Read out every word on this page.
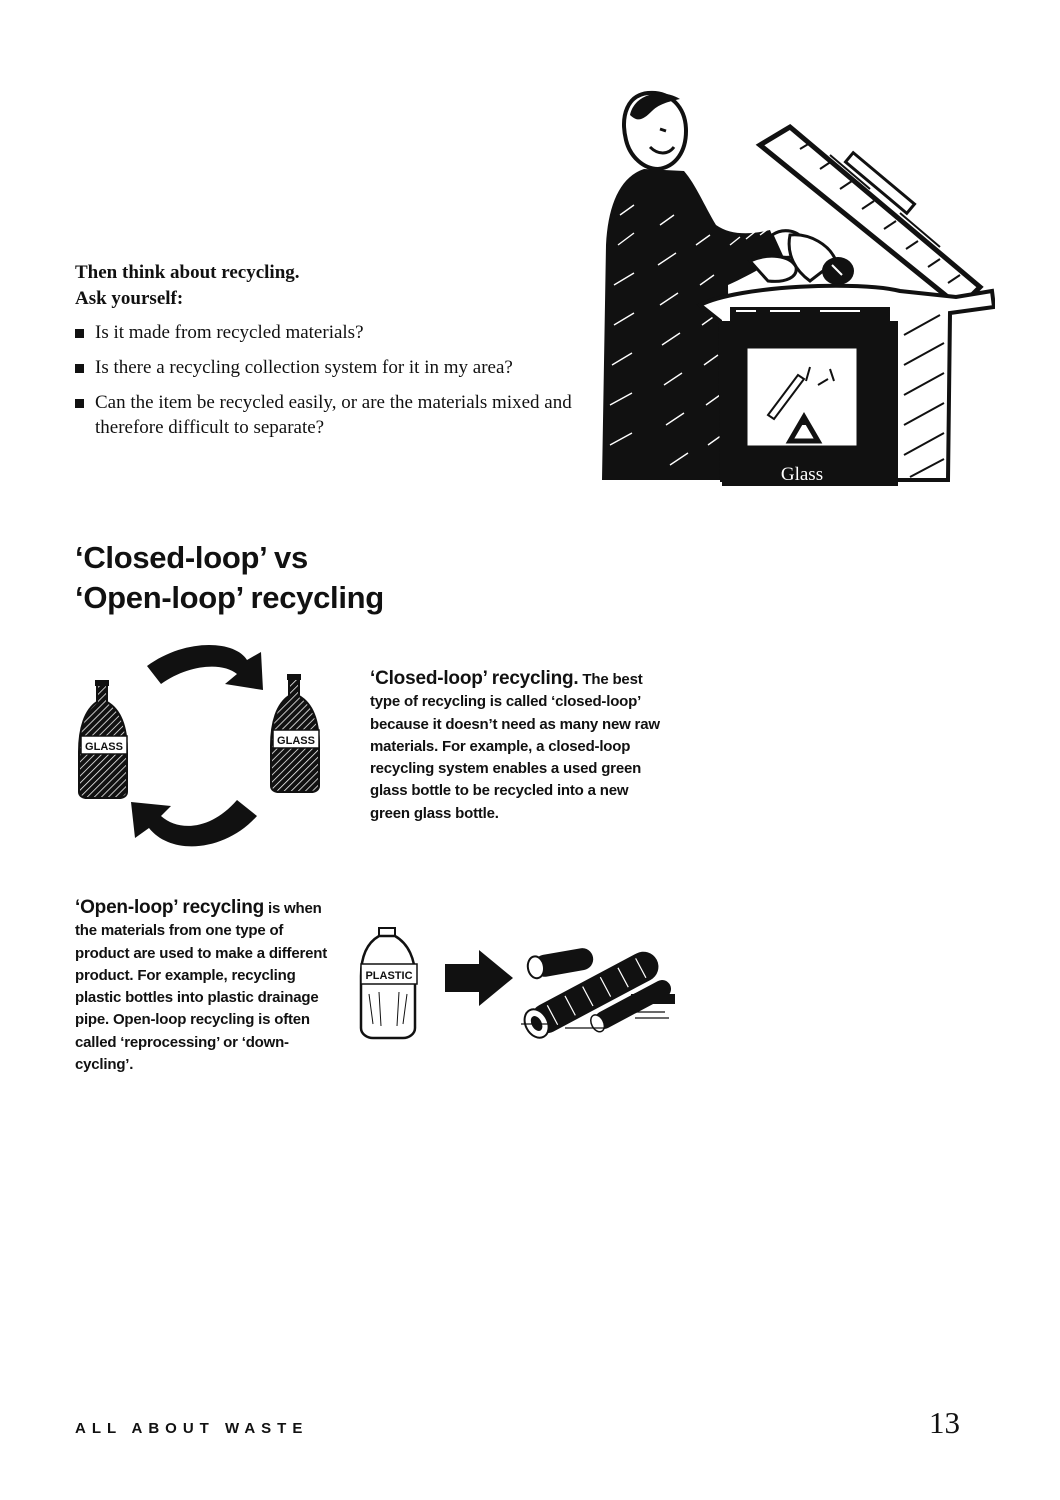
Then think about recycling.
Ask yourself:

Is it made from recycled materials?
Is there a recycling collection system for it in my area?
Can the item be recycled easily, or are the materials mixed and therefore difficult to separate?
Glass
‘Closed-loop’ vs
‘Open-loop’ recycling
GLASS	GLASS
‘Closed-loop’ recycling. The best type of recycling is called ‘closed-loop’ because it doesn’t need as many new raw materials. For example, a closed-loop recycling system enables a used green glass bottle to be recycled into a new green glass bottle.
‘Open-loop’ recycling is when the materials from one type of product are used to make a different product. For example, recycling plastic bottles into plastic drainage pipe. Open-loop recycling is often called ‘reprocessing’ or ‘down-cycling’.
PLASTIC
ALL ABOUT WASTE	13
